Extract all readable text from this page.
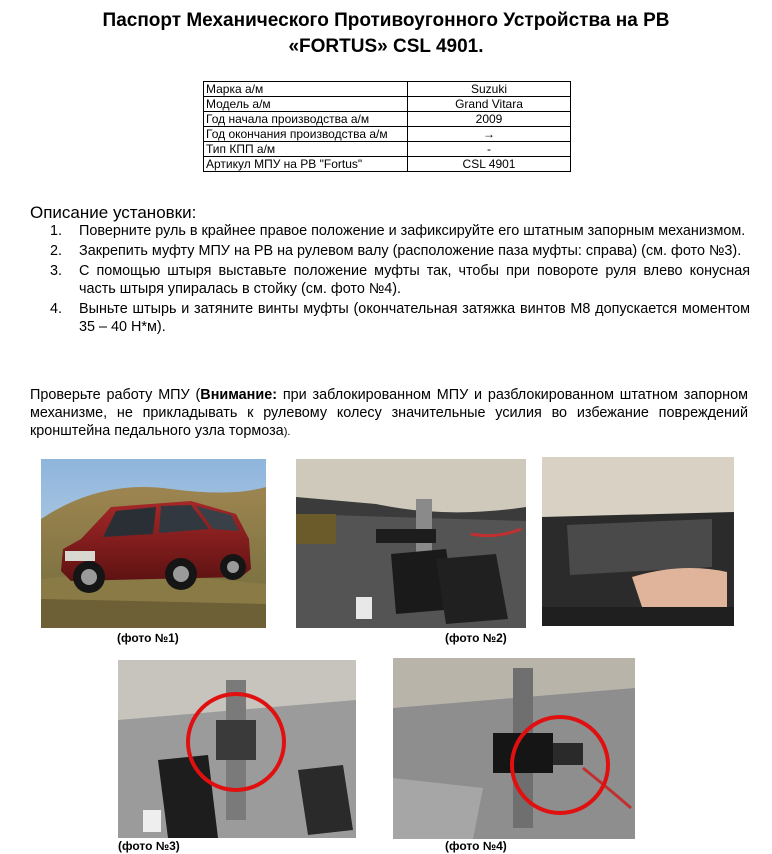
Паспорт Механического Противоугонного Устройства на РВ
«FORTUS» CSL 4901.
Марка а/м	Suzuki
Модель а/м	Grand Vitara
Год начала производства а/м	2009
Год окончания производства а/м	→
Тип КПП а/м	-
Артикул МПУ на РВ "Fortus"	CSL 4901
Описание установки:
1. Поверните руль в крайнее правое положение и зафиксируйте его штатным запорным механизмом.
2. Закрепить муфту МПУ на РВ на рулевом валу (расположение паза муфты: справа) (см. фото №3).
3. С помощью штыря выставьте положение муфты так, чтобы при повороте руля влево конусная часть штыря упиралась в стойку (см. фото №4).
4. Выньте штырь и затяните винты муфты (окончательная затяжка винтов М8 допускается моментом 35 – 40 Н*м).
Проверьте работу МПУ (Внимание: при заблокированном МПУ и разблокированном штатном запорном механизме, не прикладывать к рулевому колесу значительные усилия во избежание повреждений кронштейна педального узла тормоза).
(фото №1)	(фото №2)
(фото №3)	(фото №4)
